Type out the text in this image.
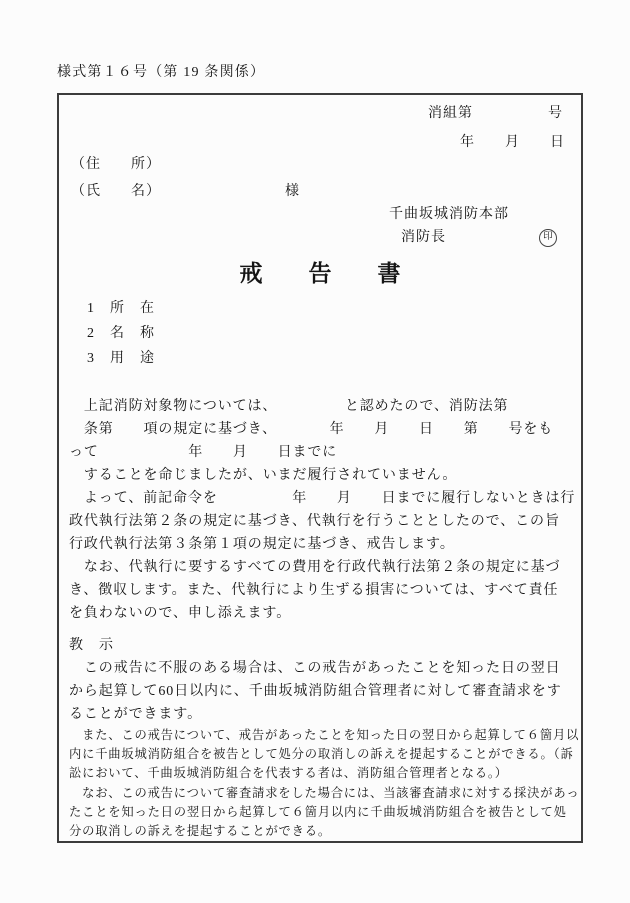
様式第１６号（第 19 条関係）
消組第　　　　　号
年　　月　　日
（住　　所）
（氏　　名）	様
千曲坂城消防本部
消防長	印
戒　　告　　書
1　所　在
2　名　称
3　用　途
　上記消防対象物については、　　　　　と認めたので、消防法第
　条第　　項の規定に基づき、　　　　年　　月　　日　　第　　号をも
って　　　　　　年　　月　　日までに
　することを命じましたが、いまだ履行されていません。
　よって、前記命令を　　　　　年　　月　　日までに履行しないときは行
政代執行法第２条の規定に基づき、代執行を行うこととしたので、この旨
行政代執行法第３条第１項の規定に基づき、戒告します。
　なお、代執行に要するすべての費用を行政代執行法第２条の規定に基づ
き、徴収します。また、代執行により生ずる損害については、すべて責任
を負わないので、申し添えます。
教　示
　この戒告に不服のある場合は、この戒告があったことを知った日の翌日
から起算して60日以内に、千曲坂城消防組合管理者に対して審査請求をす
ることができます。
　また、この戒告について、戒告があったことを知った日の翌日から起算して６箇月以
内に千曲坂城消防組合を被告として処分の取消しの訴えを提起することができる。（訴
訟において、千曲坂城消防組合を代表する者は、消防組合管理者となる。）
　なお、この戒告について審査請求をした場合には、当該審査請求に対する採決があっ
たことを知った日の翌日から起算して６箇月以内に千曲坂城消防組合を被告として処
分の取消しの訴えを提起することができる。
